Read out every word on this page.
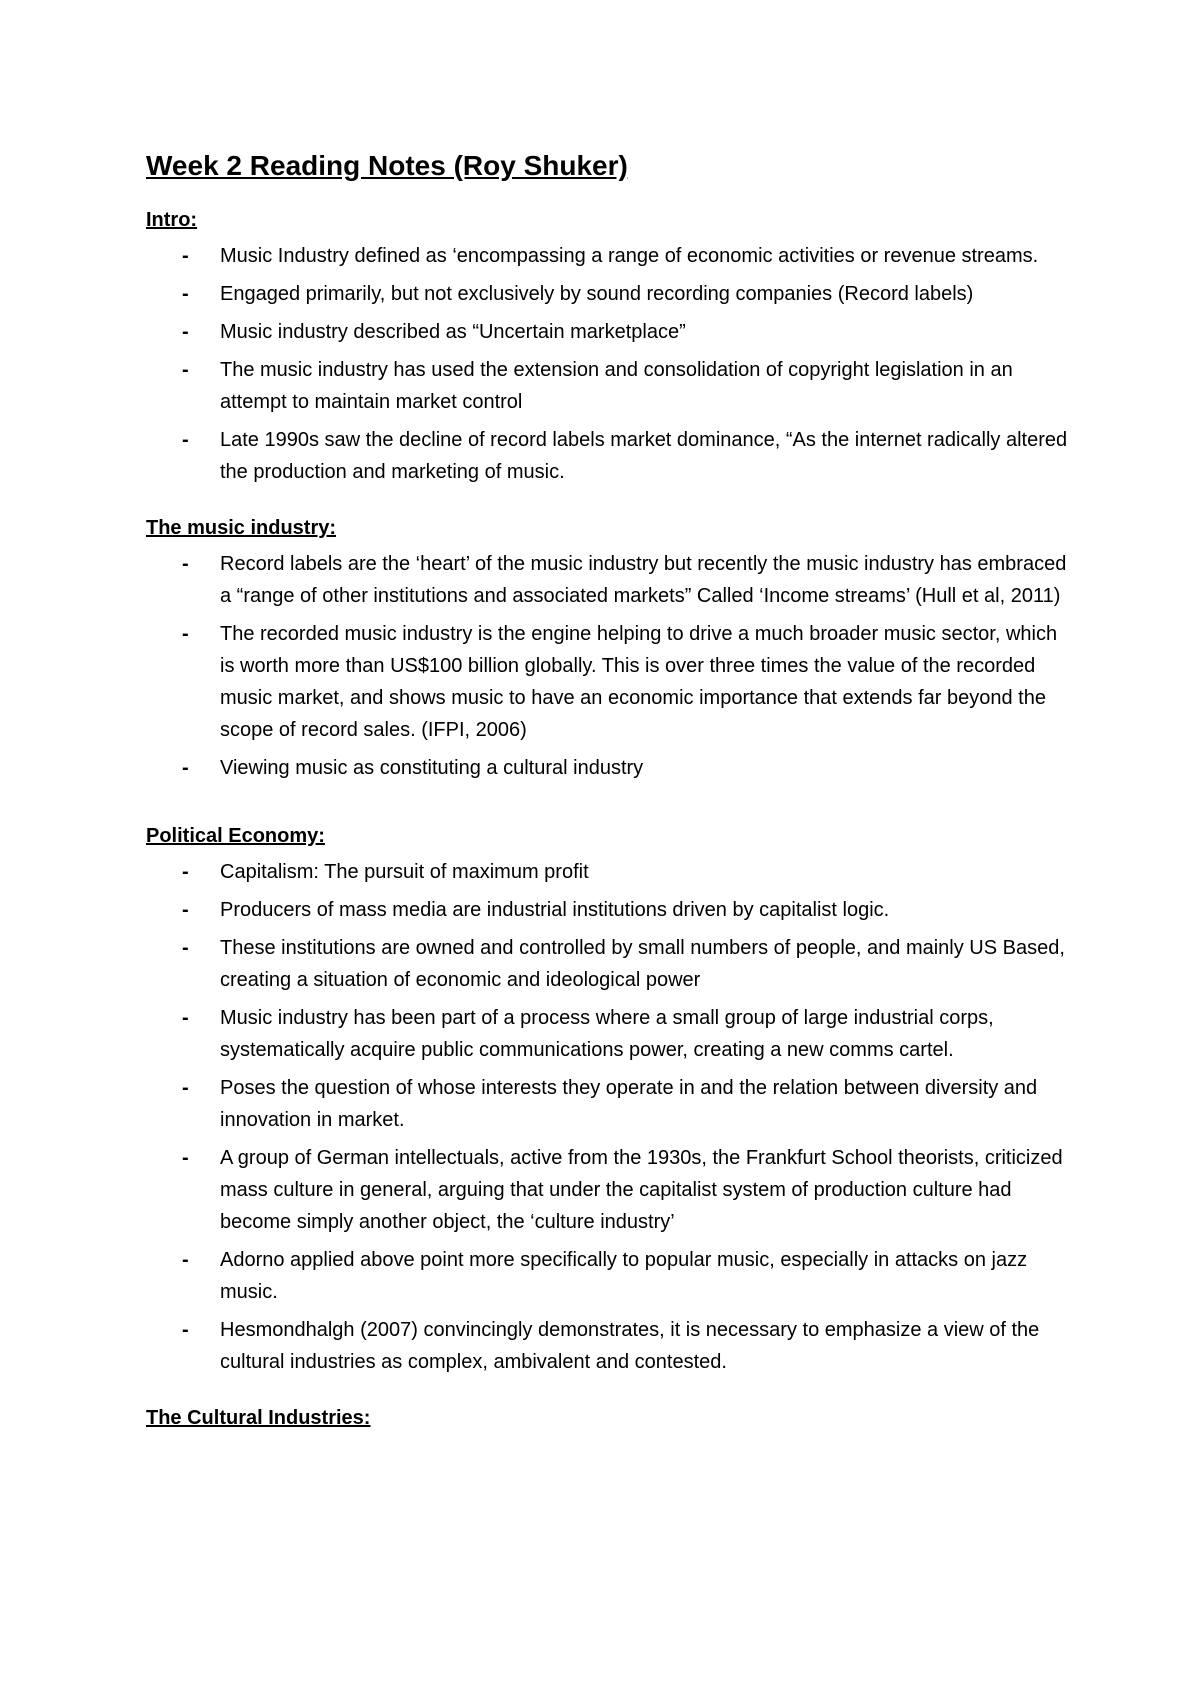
Week 2 Reading Notes (Roy Shuker)
Intro:
- Music Industry defined as ‘encompassing a range of economic activities or revenue streams.
- Engaged primarily, but not exclusively by sound recording companies (Record labels)
- Music industry described as “Uncertain marketplace”
- The music industry has used the extension and consolidation of copyright legislation in an attempt to maintain market control
- Late 1990s saw the decline of record labels market dominance, “As the internet radically altered the production and marketing of music.
The music industry:
- Record labels are the ‘heart’ of the music industry but recently the music industry has embraced a “range of other institutions and associated markets” Called ‘Income streams’ (Hull et al, 2011)
- The recorded music industry is the engine helping to drive a much broader music sector, which is worth more than US$100 billion globally. This is over three times the value of the recorded music market, and shows music to have an economic importance that extends far beyond the scope of record sales. (IFPI, 2006)
- Viewing music as constituting a cultural industry
Political Economy:
- Capitalism: The pursuit of maximum profit
- Producers of mass media are industrial institutions driven by capitalist logic.
- These institutions are owned and controlled by small numbers of people, and mainly US Based, creating a situation of economic and ideological power
- Music industry has been part of a process where a small group of large industrial corps, systematically acquire public communications power, creating a new comms cartel.
- Poses the question of whose interests they operate in and the relation between diversity and innovation in market.
- A group of German intellectuals, active from the 1930s, the Frankfurt School theorists, criticized mass culture in general, arguing that under the capitalist system of production culture had become simply another object, the ‘culture industry’
- Adorno applied above point more specifically to popular music, especially in attacks on jazz music.
- Hesmondhalgh (2007) convincingly demonstrates, it is necessary to emphasize a view of the cultural industries as complex, ambivalent and contested.
The Cultural Industries:
